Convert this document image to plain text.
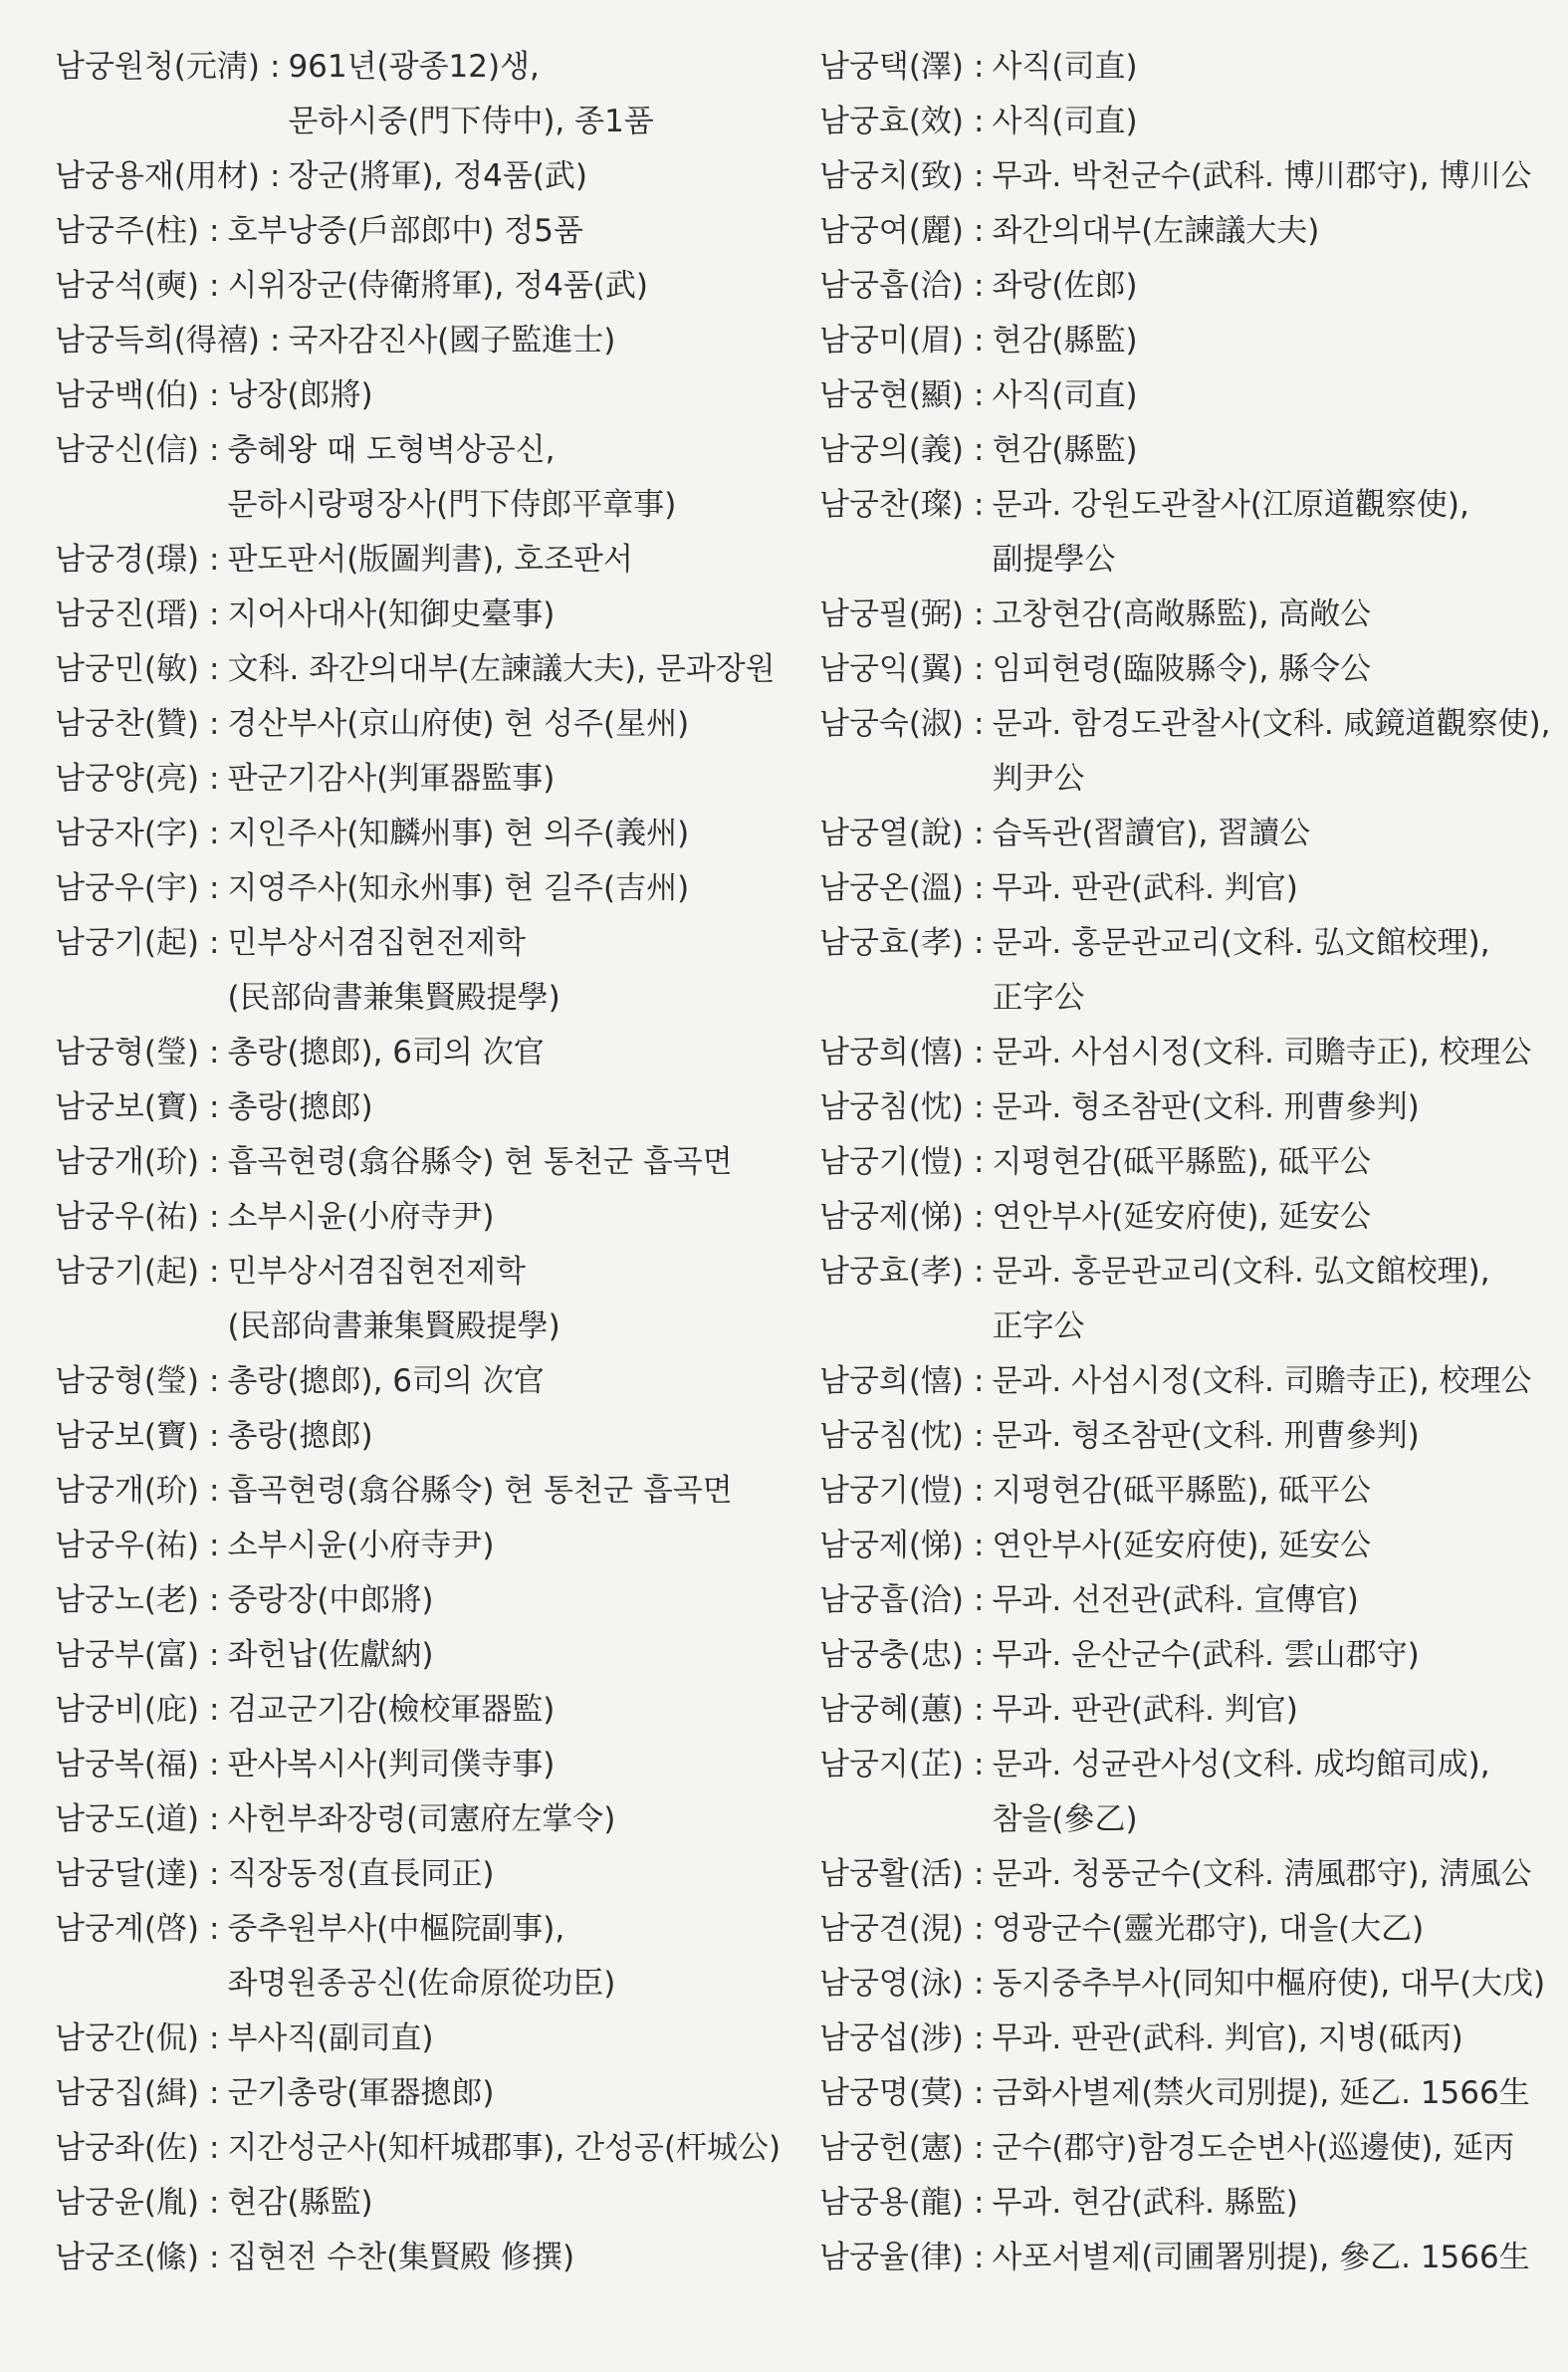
남궁원청(元淸) : 961년(광종12)생,
문하시중(門下侍中), 종1품
남궁용재(用材) : 장군(將軍), 정4품(武)
남궁주(柱) : 호부낭중(戶部郎中) 정5품
남궁석(奭) : 시위장군(侍衛將軍), 정4품(武)
남궁득희(得禧) : 국자감진사(國子監進士)
남궁백(伯) : 낭장(郎將)
남궁신(信) : 충혜왕 때 도형벽상공신,
문하시랑평장사(門下侍郎平章事)
남궁경(璟) : 판도판서(版圖判書), 호조판서
남궁진(瑨) : 지어사대사(知御史臺事)
남궁민(敏) : 文科. 좌간의대부(左諫議大夫), 문과장원
남궁찬(贊) : 경산부사(京山府使) 현 성주(星州)
남궁양(亮) : 판군기감사(判軍器監事)
남궁자(字) : 지인주사(知麟州事) 현 의주(義州)
남궁우(宇) : 지영주사(知永州事) 현 길주(吉州)
남궁기(起) : 민부상서겸집현전제학
(民部尙書兼集賢殿提學)
남궁형(瑩) : 총랑(摠郎), 6司의 次官
남궁보(寶) : 총랑(摠郎)
남궁개(玠) : 흡곡현령(翕谷縣令) 현 통천군 흡곡면
남궁우(祐) : 소부시윤(小府寺尹)
남궁기(起) : 민부상서겸집현전제학
(民部尙書兼集賢殿提學)
남궁형(瑩) : 총랑(摠郎), 6司의 次官
남궁보(寶) : 총랑(摠郎)
남궁개(玠) : 흡곡현령(翕谷縣令) 현 통천군 흡곡면
남궁우(祐) : 소부시윤(小府寺尹)
남궁노(老) : 중랑장(中郎將)
남궁부(富) : 좌헌납(佐獻納)
남궁비(庇) : 검교군기감(檢校軍器監)
남궁복(福) : 판사복시사(判司僕寺事)
남궁도(道) : 사헌부좌장령(司憲府左掌令)
남궁달(達) : 직장동정(直長同正)
남궁계(啓) : 중추원부사(中樞院副事),
좌명원종공신(佐命原從功臣)
남궁간(侃) : 부사직(副司直)
남궁집(緝) : 군기총랑(軍器摠郎)
남궁좌(佐) : 지간성군사(知杆城郡事), 간성공(杆城公)
남궁윤(胤) : 현감(縣監)
남궁조(絛) : 집현전 수찬(集賢殿 修撰)
남궁택(澤) : 사직(司直)
남궁효(效) : 사직(司直)
남궁치(致) : 무과. 박천군수(武科. 博川郡守), 博川公
남궁여(麗) : 좌간의대부(左諫議大夫)
남궁흡(洽) : 좌랑(佐郎)
남궁미(眉) : 현감(縣監)
남궁현(顯) : 사직(司直)
남궁의(義) : 현감(縣監)
남궁찬(璨) : 문과. 강원도관찰사(江原道觀察使),
副提學公
남궁필(弼) : 고창현감(高敞縣監), 高敞公
남궁익(翼) : 임피현령(臨陂縣令), 縣令公
남궁숙(淑) : 문과. 함경도관찰사(文科. 咸鏡道觀察使),
判尹公
남궁열(說) : 습독관(習讀官), 習讀公
남궁온(溫) : 무과. 판관(武科. 判官)
남궁효(孝) : 문과. 홍문관교리(文科. 弘文館校理),
正字公
남궁희(憘) : 문과. 사섬시정(文科. 司贍寺正), 校理公
남궁침(忱) : 문과. 형조참판(文科. 刑曹參判)
남궁기(愷) : 지평현감(砥平縣監), 砥平公
남궁제(悌) : 연안부사(延安府使), 延安公
남궁효(孝) : 문과. 홍문관교리(文科. 弘文館校理),
正字公
남궁희(憘) : 문과. 사섬시정(文科. 司贍寺正), 校理公
남궁침(忱) : 문과. 형조참판(文科. 刑曹參判)
남궁기(愷) : 지평현감(砥平縣監), 砥平公
남궁제(悌) : 연안부사(延安府使), 延安公
남궁흡(洽) : 무과. 선전관(武科. 宣傳官)
남궁충(忠) : 무과. 운산군수(武科. 雲山郡守)
남궁혜(蕙) : 무과. 판관(武科. 判官)
남궁지(芷) : 문과. 성균관사성(文科. 成均館司成),
참을(參乙)
남궁활(活) : 문과. 청풍군수(文科. 淸風郡守), 淸風公
남궁견(涀) : 영광군수(靈光郡守), 대을(大乙)
남궁영(泳) : 동지중추부사(同知中樞府使), 대무(大戊)
남궁섭(涉) : 무과. 판관(武科. 判官), 지병(砥丙)
남궁명(蓂) : 금화사별제(禁火司別提), 延乙. 1566生
남궁헌(憲) : 군수(郡守)함경도순변사(巡邊使), 延丙
남궁용(龍) : 무과. 현감(武科. 縣監)
남궁율(律) : 사포서별제(司圃署別提), 參乙. 1566生
